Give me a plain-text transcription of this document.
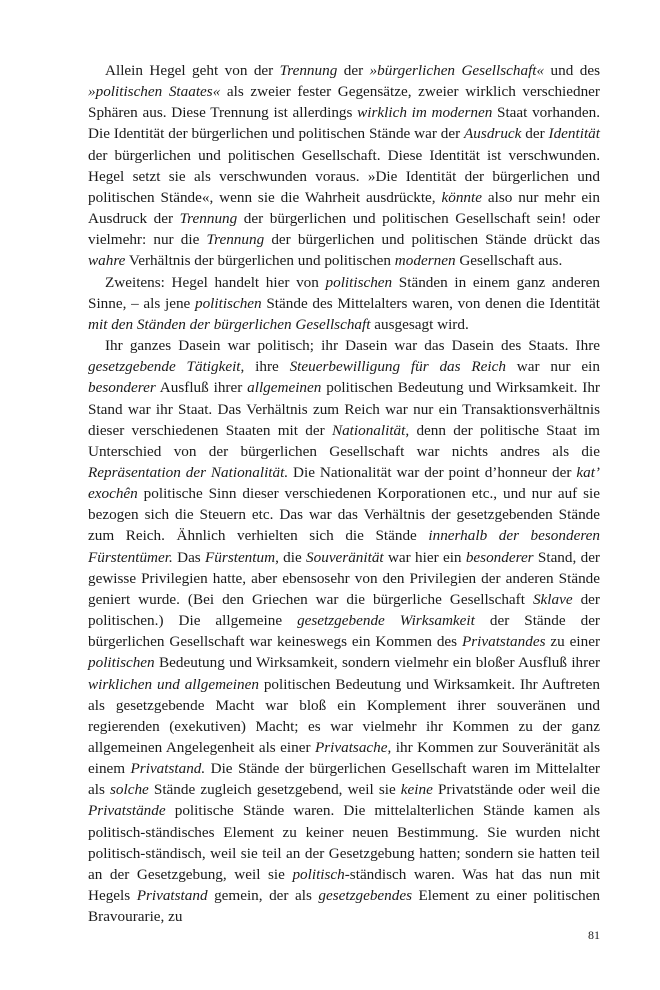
Allein Hegel geht von der Trennung der »bürgerlichen Gesellschaft« und des »politischen Staates« als zweier fester Gegensätze, zweier wirklich verschiedner Sphären aus. Diese Trennung ist allerdings wirklich im modernen Staat vorhanden. Die Identität der bürgerlichen und politischen Stände war der Ausdruck der Identität der bürgerlichen und politischen Gesellschaft. Diese Identität ist verschwunden. Hegel setzt sie als verschwunden voraus. »Die Identität der bürgerlichen und politischen Stände«, wenn sie die Wahrheit ausdrückte, könnte also nur mehr ein Ausdruck der Trennung der bürgerlichen und politischen Gesellschaft sein! oder vielmehr: nur die Trennung der bürgerlichen und politischen Stände drückt das wahre Verhältnis der bürgerlichen und politischen modernen Gesellschaft aus.

Zweitens: Hegel handelt hier von politischen Ständen in einem ganz anderen Sinne, – als jene politischen Stände des Mittelalters waren, von denen die Identität mit den Ständen der bürgerlichen Gesellschaft ausgesagt wird.

Ihr ganzes Dasein war politisch; ihr Dasein war das Dasein des Staats. Ihre gesetzgebende Tätigkeit, ihre Steuerbewilligung für das Reich war nur ein besonderer Ausfluß ihrer allgemeinen politischen Bedeutung und Wirksamkeit. Ihr Stand war ihr Staat. Das Verhältnis zum Reich war nur ein Transaktionsverhältnis dieser verschiedenen Staaten mit der Nationalität, denn der politische Staat im Unterschied von der bürgerlichen Gesellschaft war nichts andres als die Repräsentation der Nationalität. Die Nationalität war der point d’honneur der kat’ exochên politische Sinn dieser verschiedenen Korporationen etc., und nur auf sie bezogen sich die Steuern etc. Das war das Verhältnis der gesetzgebenden Stände zum Reich. Ähnlich verhielten sich die Stände innerhalb der besonderen Fürstentümer. Das Fürstentum, die Souveränität war hier ein besonderer Stand, der gewisse Privilegien hatte, aber ebensosehr von den Privilegien der anderen Stände geniert wurde. (Bei den Griechen war die bürgerliche Gesellschaft Sklave der politischen.) Die allgemeine gesetzgebende Wirksamkeit der Stände der bürgerlichen Gesellschaft war keineswegs ein Kommen des Privatstandes zu einer politischen Bedeutung und Wirksamkeit, sondern vielmehr ein bloßer Ausfluß ihrer wirklichen und allgemeinen politischen Bedeutung und Wirksamkeit. Ihr Auftreten als gesetzgebende Macht war bloß ein Komplement ihrer souveränen und regierenden (exekutiven) Macht; es war vielmehr ihr Kommen zu der ganz allgemeinen Angelegenheit als einer Privatsache, ihr Kommen zur Souveränität als einem Privatstand. Die Stände der bürgerlichen Gesellschaft waren im Mittelalter als solche Stände zugleich gesetzgebend, weil sie keine Privatstände oder weil die Privatstände politische Stände waren. Die mittelalterlichen Stände kamen als politisch-ständisches Element zu keiner neuen Bestimmung. Sie wurden nicht politisch-ständisch, weil sie teil an der Gesetzgebung hatten; sondern sie hatten teil an der Gesetzgebung, weil sie politisch-ständisch waren. Was hat das nun mit Hegels Privatstand gemein, der als gesetzgebendes Element zu einer politischen Bravourarie, zu

81
